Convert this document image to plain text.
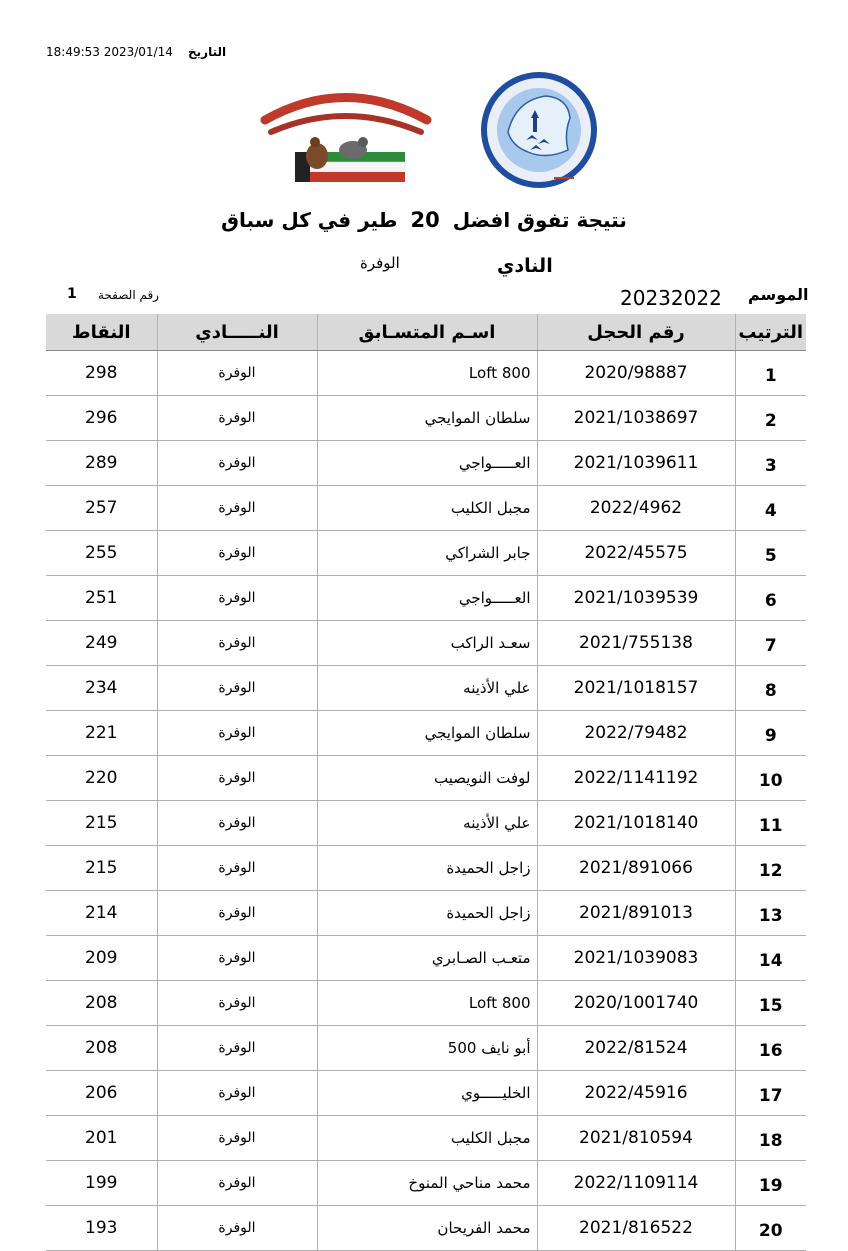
التاريخ
18:49:53 2023/01/14
نتيجة تفوق افضل 20 طير في كل سباق
النادي
الوفرة
الموسم
20232022
رقم الصفحة
1
النقاط	النـــــادي	اسـم المتسـابق	رقم الحجل	الترتيب
298	الوفرة	Loft 800	2020/98887	1
296	الوفرة	سلطان الموايجي	2021/1038697	2
289	الوفرة	العـــــواجي	2021/1039611	3
257	الوفرة	مجبل الكليب	2022/4962	4
255	الوفرة	جابر الشراكي	2022/45575	5
251	الوفرة	العـــــواجي	2021/1039539	6
249	الوفرة	سعـد الراكب	2021/755138	7
234	الوفرة	علي الأذينه	2021/1018157	8
221	الوفرة	سلطان الموايجي	2022/79482	9
220	الوفرة	لوفت النويصيب	2022/1141192	10
215	الوفرة	علي الأذينه	2021/1018140	11
215	الوفرة	زاجل الحميدة	2021/891066	12
214	الوفرة	زاجل الحميدة	2021/891013	13
209	الوفرة	متعـب الصـابري	2021/1039083	14
208	الوفرة	Loft 800	2020/1001740	15
208	الوفرة	أبو نايف 500	2022/81524	16
206	الوفرة	الخليـــــوي	2022/45916	17
201	الوفرة	مجبل الكليب	2021/810594	18
199	الوفرة	محمد مناحي المنوخ	2022/1109114	19
193	الوفرة	محمد الفريحان	2021/816522	20
